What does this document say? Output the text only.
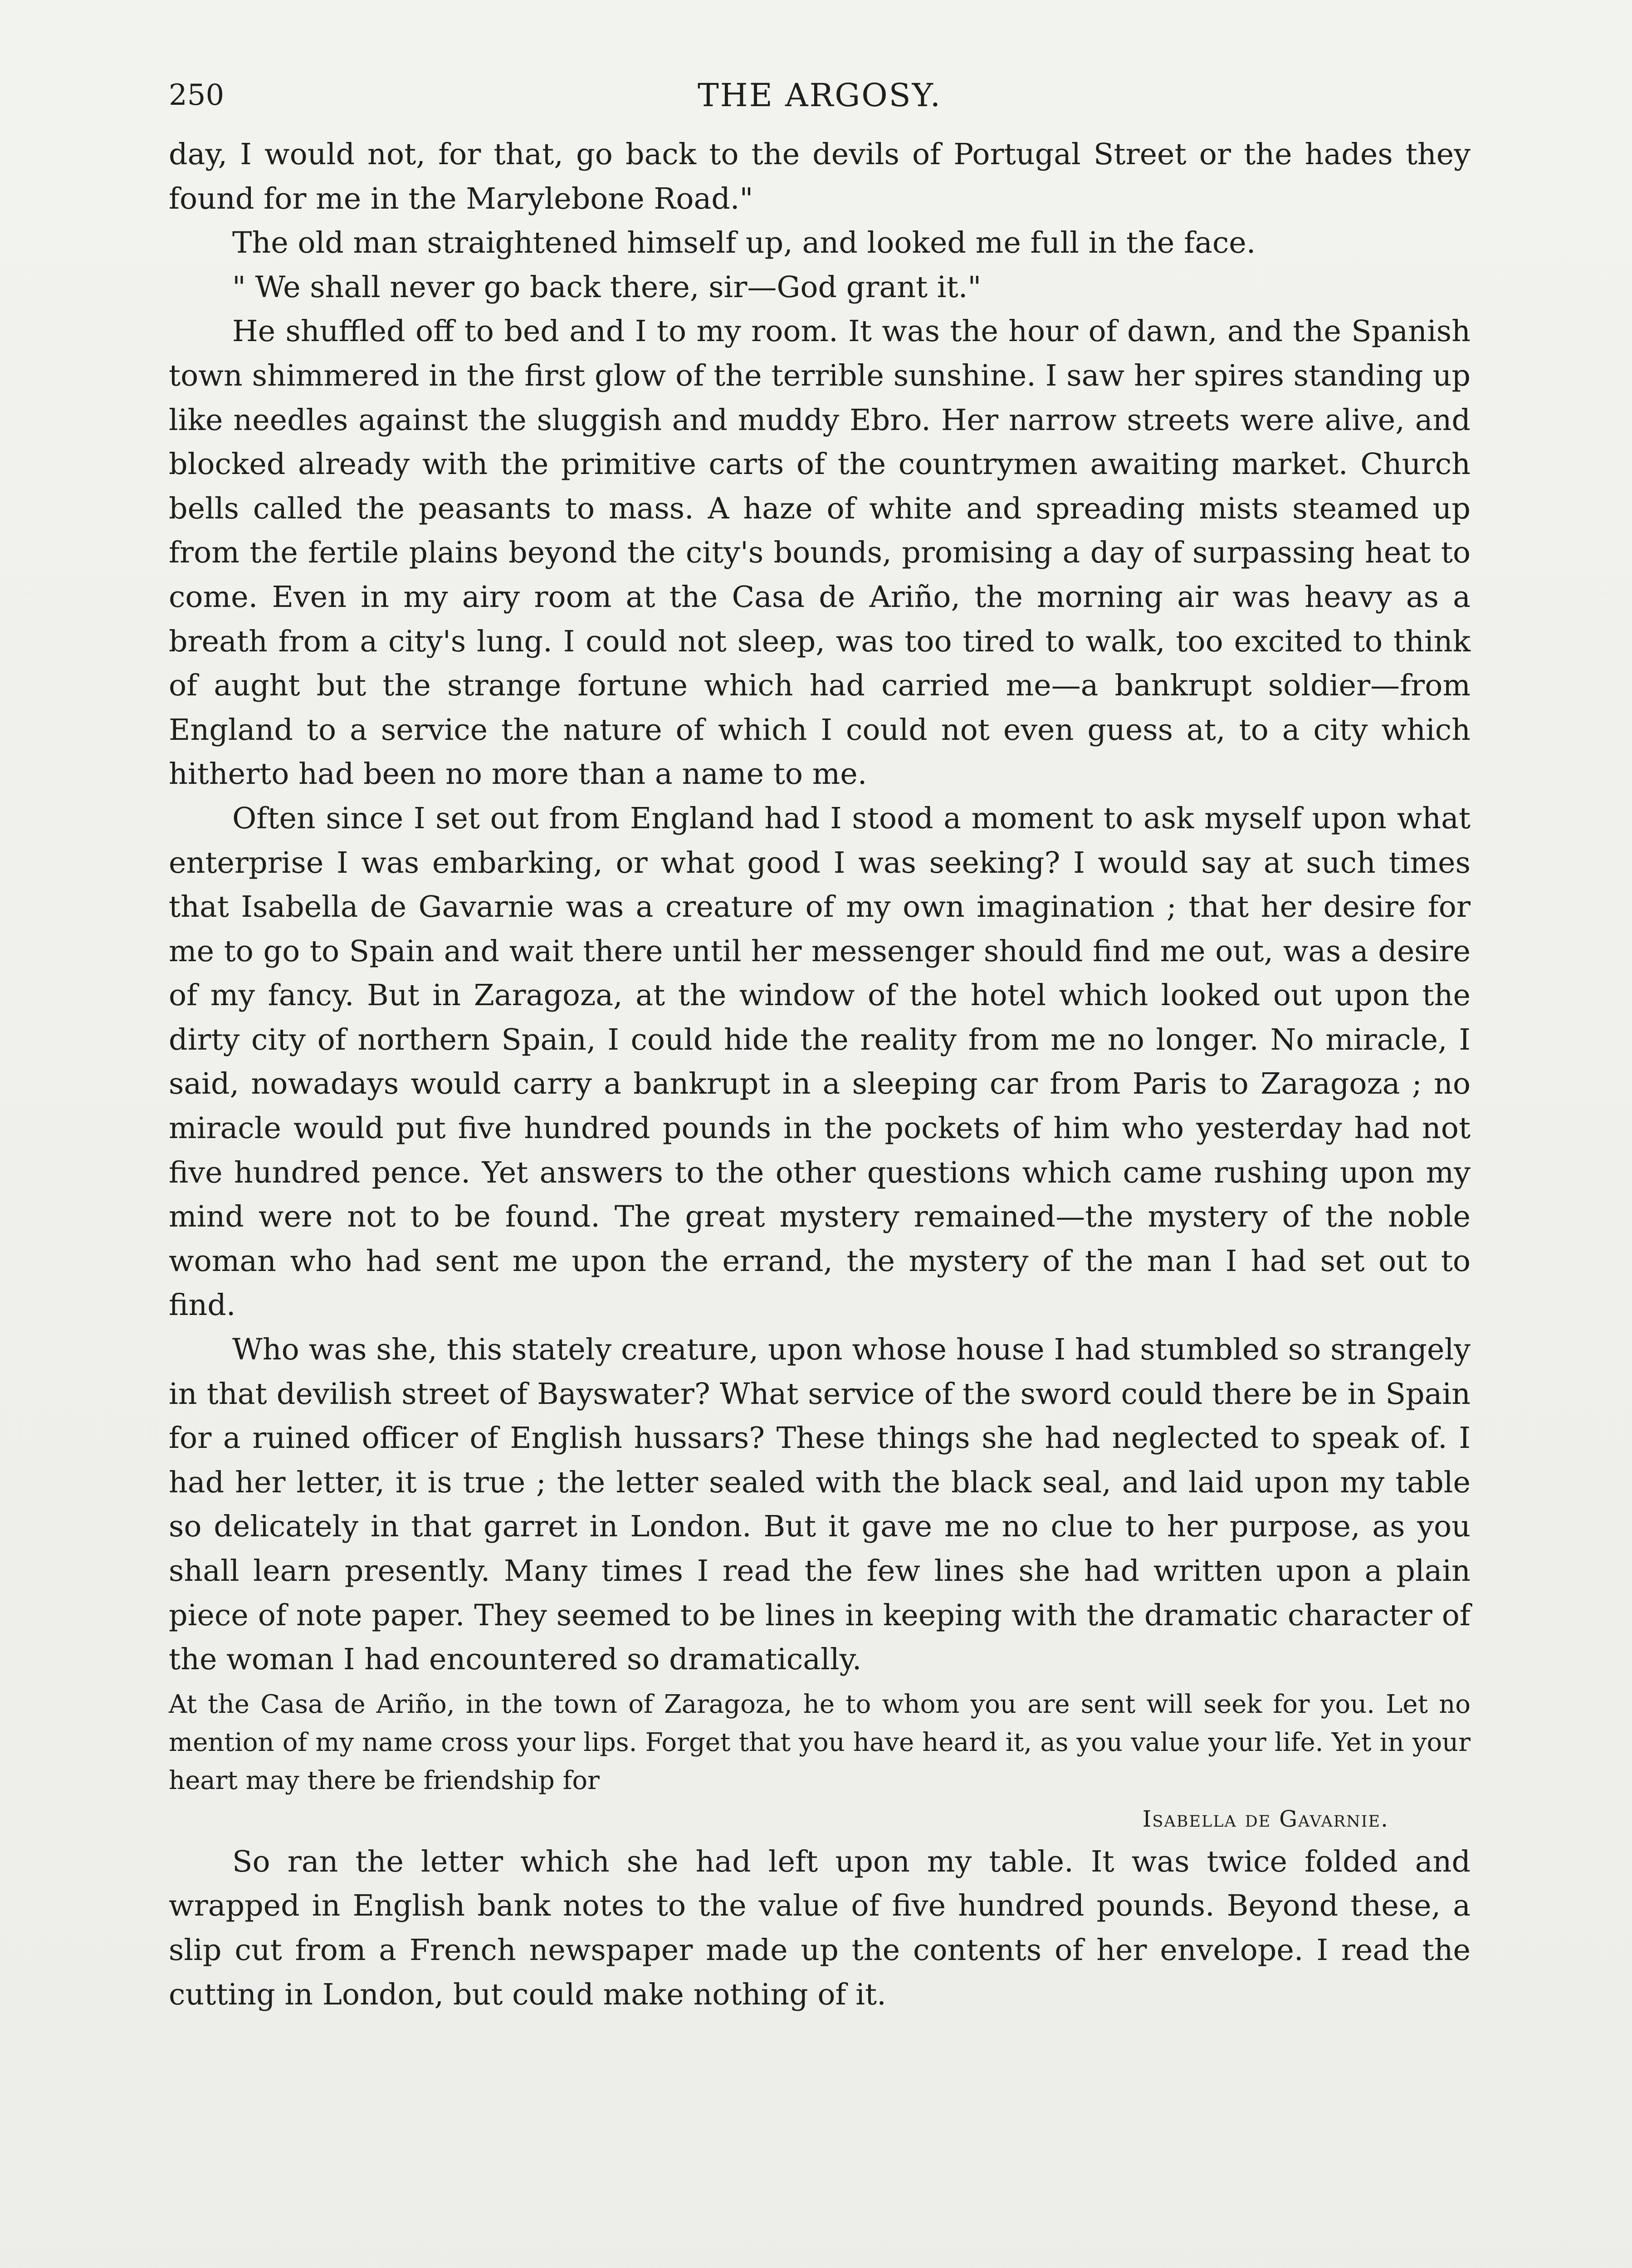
250	THE ARGOSY.

day, I would not, for that, go back to the devils of Portugal Street or the hades they found for me in the Marylebone Road."

The old man straightened himself up, and looked me full in the face.

" We shall never go back there, sir—God grant it."

He shuffled off to bed and I to my room. It was the hour of dawn, and the Spanish town shimmered in the first glow of the terrible sunshine. I saw her spires standing up like needles against the sluggish and muddy Ebro. Her narrow streets were alive, and blocked already with the primitive carts of the countrymen awaiting market. Church bells called the peasants to mass. A haze of white and spreading mists steamed up from the fertile plains beyond the city's bounds, promising a day of surpassing heat to come. Even in my airy room at the Casa de Ariño, the morning air was heavy as a breath from a city's lung. I could not sleep, was too tired to walk, too excited to think of aught but the strange fortune which had carried me—a bankrupt soldier—from England to a service the nature of which I could not even guess at, to a city which hitherto had been no more than a name to me.

Often since I set out from England had I stood a moment to ask myself upon what enterprise I was embarking, or what good I was seeking? I would say at such times that Isabella de Gavarnie was a creature of my own imagination ; that her desire for me to go to Spain and wait there until her messenger should find me out, was a desire of my fancy. But in Zaragoza, at the window of the hotel which looked out upon the dirty city of northern Spain, I could hide the reality from me no longer. No miracle, I said, nowadays would carry a bankrupt in a sleeping car from Paris to Zaragoza ; no miracle would put five hundred pounds in the pockets of him who yesterday had not five hundred pence. Yet answers to the other questions which came rushing upon my mind were not to be found. The great mystery remained—the mystery of the noble woman who had sent me upon the errand, the mystery of the man I had set out to find.

Who was she, this stately creature, upon whose house I had stumbled so strangely in that devilish street of Bayswater? What service of the sword could there be in Spain for a ruined officer of English hussars? These things she had neglected to speak of. I had her letter, it is true ; the letter sealed with the black seal, and laid upon my table so delicately in that garret in London. But it gave me no clue to her purpose, as you shall learn presently. Many times I read the few lines she had written upon a plain piece of note paper. They seemed to be lines in keeping with the dramatic character of the woman I had encountered so dramatically.

At the Casa de Ariño, in the town of Zaragoza, he to whom you are sent will seek for you. Let no mention of my name cross your lips. Forget that you have heard it, as you value your life. Yet in your heart may there be friendship for

Isabella de Gavarnie.

So ran the letter which she had left upon my table. It was twice folded and wrapped in English bank notes to the value of five hundred pounds. Beyond these, a slip cut from a French newspaper made up the contents of her envelope. I read the cutting in London, but could make nothing of it.
